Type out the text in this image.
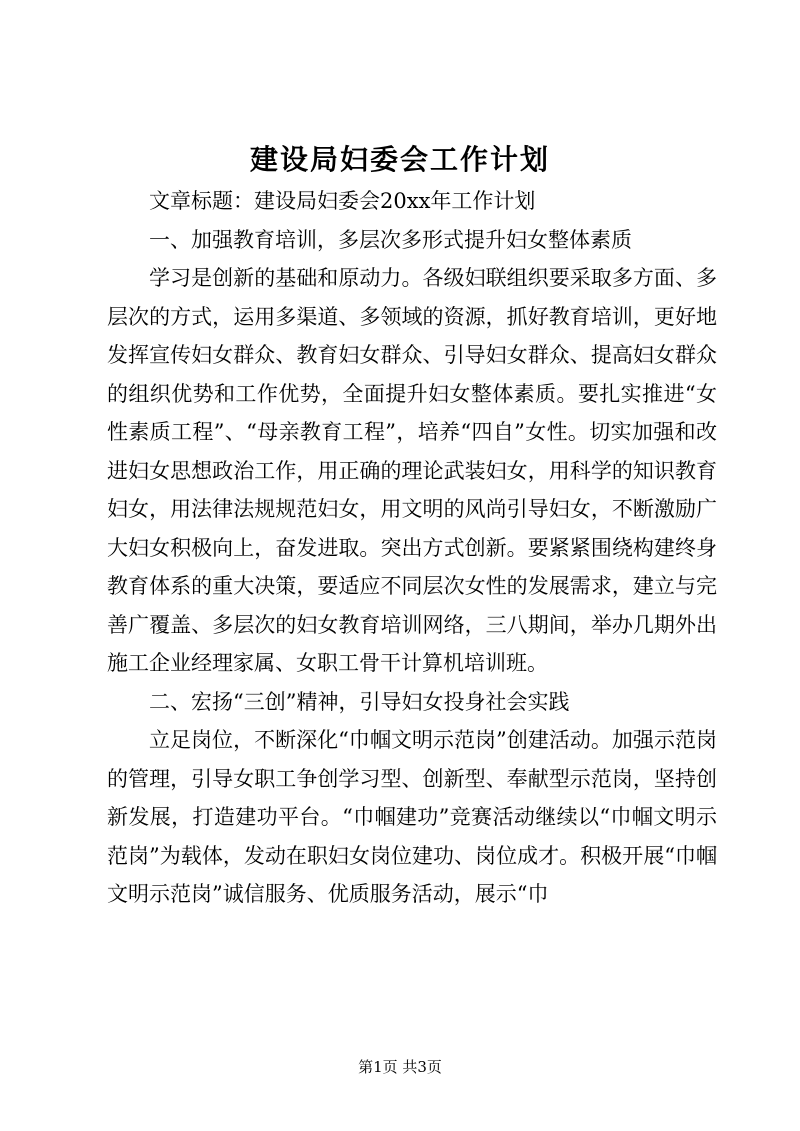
建设局妇委会工作计划

文章标题：建设局妇委会20xx年工作计划

一、加强教育培训，多层次多形式提升妇女整体素质

学习是创新的基础和原动力。各级妇联组织要采取多方面、多层次的方式，运用多渠道、多领域的资源，抓好教育培训，更好地发挥宣传妇女群众、教育妇女群众、引导妇女群众、提高妇女群众的组织优势和工作优势，全面提升妇女整体素质。要扎实推进“女性素质工程”、“母亲教育工程”，培养“四自”女性。切实加强和改进妇女思想政治工作，用正确的理论武装妇女，用科学的知识教育妇女，用法律法规规范妇女，用文明的风尚引导妇女，不断激励广大妇女积极向上，奋发进取。突出方式创新。要紧紧围绕构建终身教育体系的重大决策，要适应不同层次女性的发展需求，建立与完善广覆盖、多层次的妇女教育培训网络，三八期间，举办几期外出施工企业经理家属、女职工骨干计算机培训班。

二、宏扬“三创”精神，引导妇女投身社会实践

立足岗位，不断深化“巾帼文明示范岗”创建活动。加强示范岗的管理，引导女职工争创学习型、创新型、奉献型示范岗，坚持创新发展，打造建功平台。“巾帼建功”竞赛活动继续以“巾帼文明示范岗”为载体，发动在职妇女岗位建功、岗位成才。积极开展“巾帼文明示范岗”诚信服务、优质服务活动，展示“巾

第1页 共3页
